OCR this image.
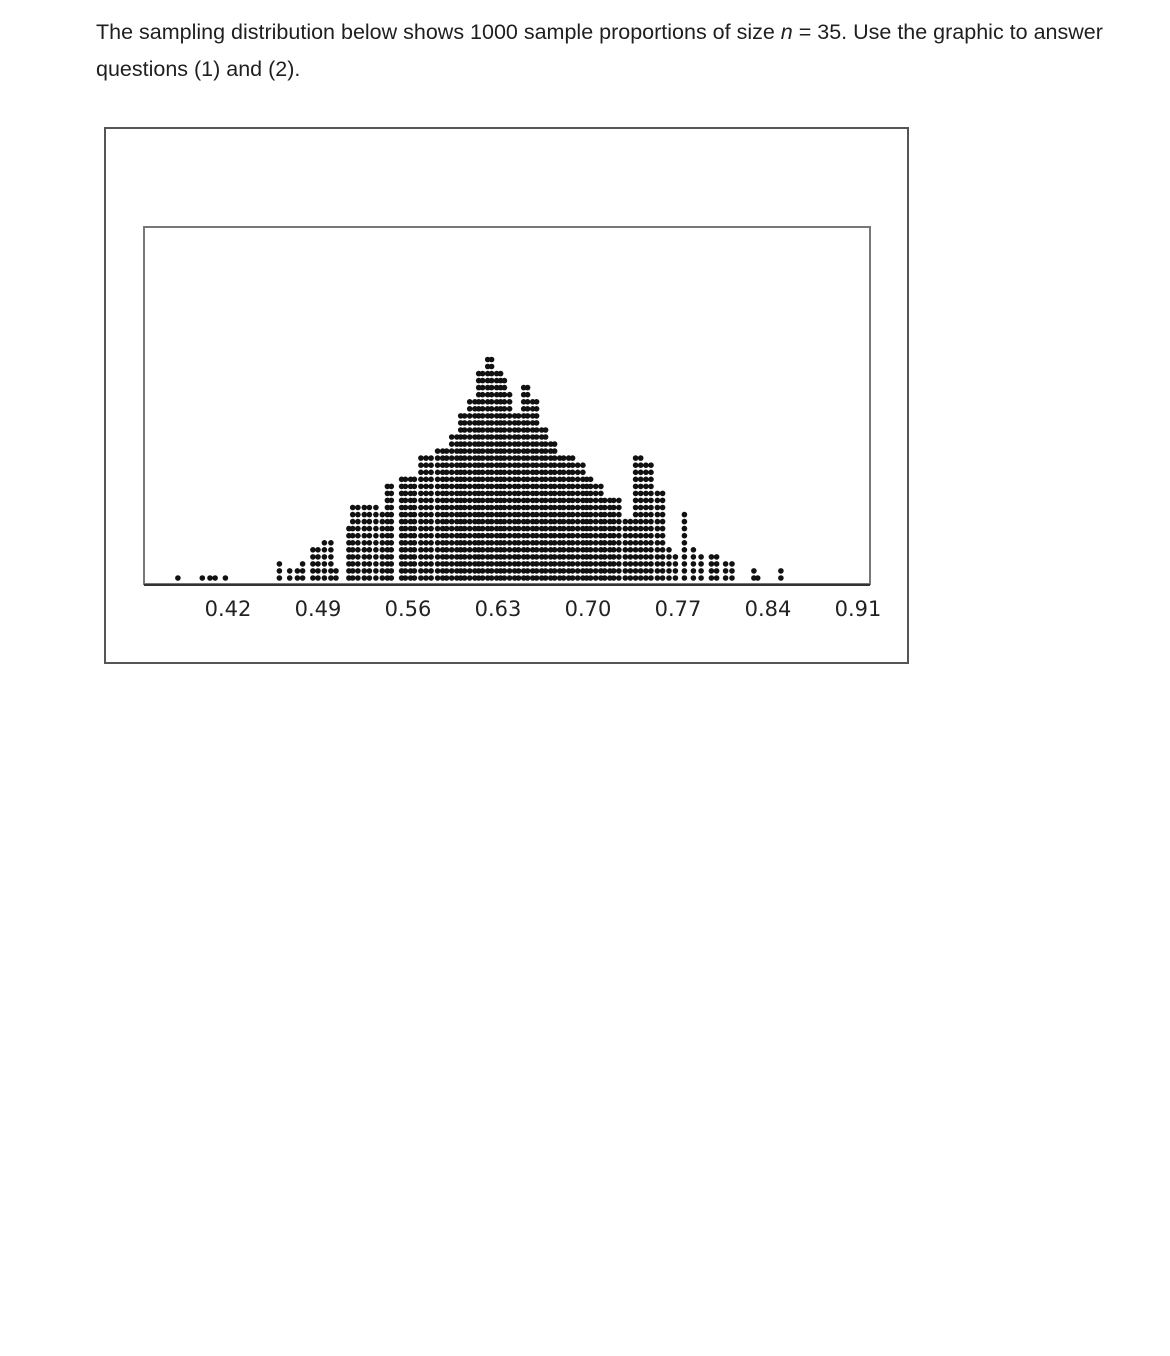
The sampling distribution below shows 1000 sample proportions of size n = 35. Use the graphic to answer questions (1) and (2).

0.42 0.49 0.56 0.63 0.70 0.77 0.84 0.91
